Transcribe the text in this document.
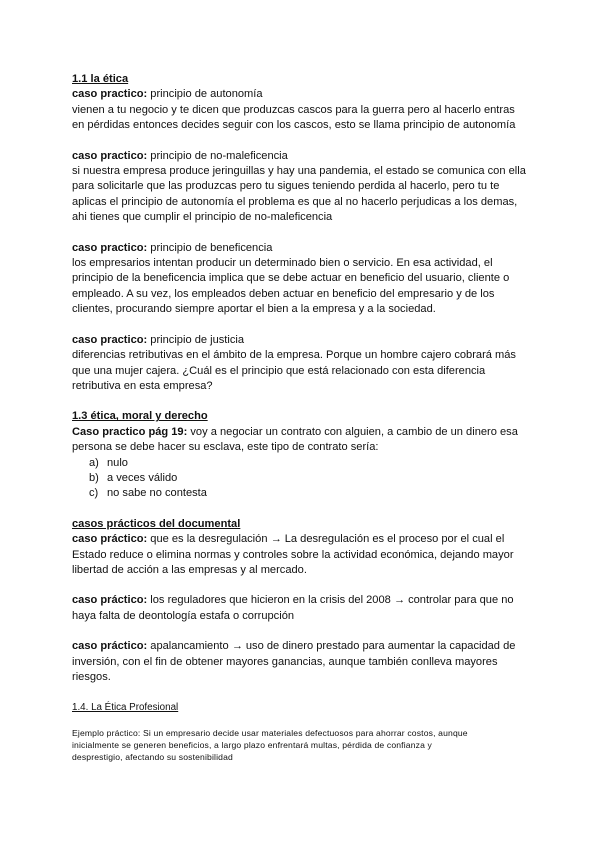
1.1 la ética
caso practico: principio de autonomía
vienen a tu negocio y te dicen que produzcas cascos para la guerra pero al hacerlo entras
en pérdidas entonces decides seguir con los cascos, esto se llama principio de autonomía
caso practico: principio de no-maleficencia
si nuestra empresa produce jeringuillas y hay una pandemia, el estado se comunica con ella
para solicitarle que las produzcas pero tu sigues teniendo perdida al hacerlo, pero tu te
aplicas el principio de autonomía el problema es que al no hacerlo perjudicas a los demas,
ahi tienes que cumplir el principio de no-maleficencia
caso practico: principio de beneficencia
los empresarios intentan producir un determinado bien o servicio. En esa actividad, el
principio de la beneficencia implica que se debe actuar en beneficio del usuario, cliente o
empleado. A su vez, los empleados deben actuar en beneficio del empresario y de los
clientes, procurando siempre aportar el bien a la empresa y a la sociedad.
caso practico: principio de justicia
diferencias retributivas en el ámbito de la empresa. Porque un hombre cajero cobrará más
que una mujer cajera. ¿Cuál es el principio que está relacionado con esta diferencia
retributiva en esta empresa?
1.3 ética, moral y derecho
Caso practico pág 19: voy a negociar un contrato con alguien, a cambio de un dinero esa
persona se debe hacer su esclava, este tipo de contrato sería:
a) nulo
b) a veces válido
c) no sabe no contesta
casos prácticos del documental
caso práctico: que es la desregulación → La desregulación es el proceso por el cual el
Estado reduce o elimina normas y controles sobre la actividad económica, dejando mayor
libertad de acción a las empresas y al mercado.
caso práctico: los reguladores que hicieron en la crisis del 2008 → controlar para que no
haya falta de deontología estafa o corrupción
caso práctico: apalancamiento → uso de dinero prestado para aumentar la capacidad de
inversión, con el fin de obtener mayores ganancias, aunque también conlleva mayores
riesgos.
1.4. La Ética Profesional
Ejemplo práctico: Si un empresario decide usar materiales defectuosos para ahorrar costos, aunque
inicialmente se generen beneficios, a largo plazo enfrentará multas, pérdida de confianza y
desprestigio, afectando su sostenibilidad
